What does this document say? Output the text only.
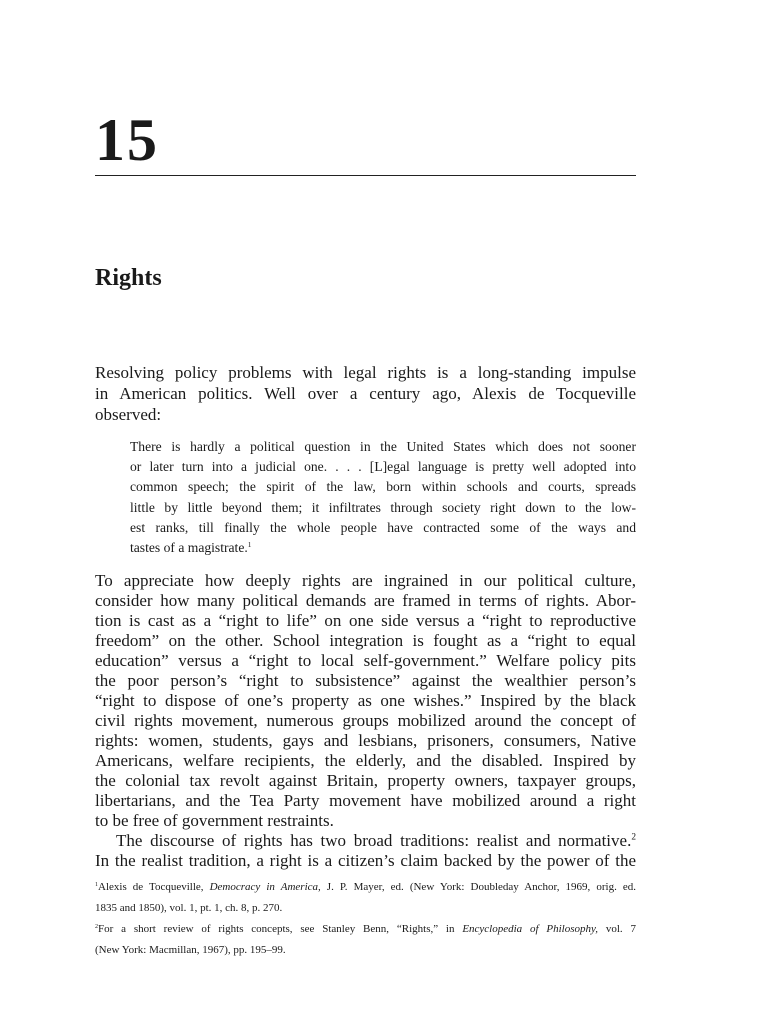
15
Rights
Resolving policy problems with legal rights is a long-standing impulse
in American politics. Well over a century ago, Alexis de Tocqueville
observed:
There is hardly a political question in the United States which does not sooner
or later turn into a judicial one. . . . [L]egal language is pretty well adopted into
common speech; the spirit of the law, born within schools and courts, spreads
little by little beyond them; it infiltrates through society right down to the low-
est ranks, till finally the whole people have contracted some of the ways and
tastes of a magistrate.$^1$
To appreciate how deeply rights are ingrained in our political culture,
consider how many political demands are framed in terms of rights. Abor-
tion is cast as a “right to life” on one side versus a “right to reproductive
freedom” on the other. School integration is fought as a “right to equal
education” versus a “right to local self-government.” Welfare policy pits
the poor person’s “right to subsistence” against the wealthier person’s
“right to dispose of one’s property as one wishes.” Inspired by the black
civil rights movement, numerous groups mobilized around the concept of
rights: women, students, gays and lesbians, prisoners, consumers, Native
Americans, welfare recipients, the elderly, and the disabled. Inspired by
the colonial tax revolt against Britain, property owners, taxpayer groups,
libertarians, and the Tea Party movement have mobilized around a right
to be free of government restraints.
The discourse of rights has two broad traditions: realist and normative.$^2$
In the realist tradition, a right is a citizen’s claim backed by the power of the
$^1$Alexis de Tocqueville, Democracy in America, J. P. Mayer, ed. (New York: Doubleday Anchor, 1969, orig. ed.
1835 and 1850), vol. 1, pt. 1, ch. 8, p. 270.
$^2$For a short review of rights concepts, see Stanley Benn, “Rights,” in Encyclopedia of Philosophy, vol. 7
(New York: Macmillan, 1967), pp. 195–99.
